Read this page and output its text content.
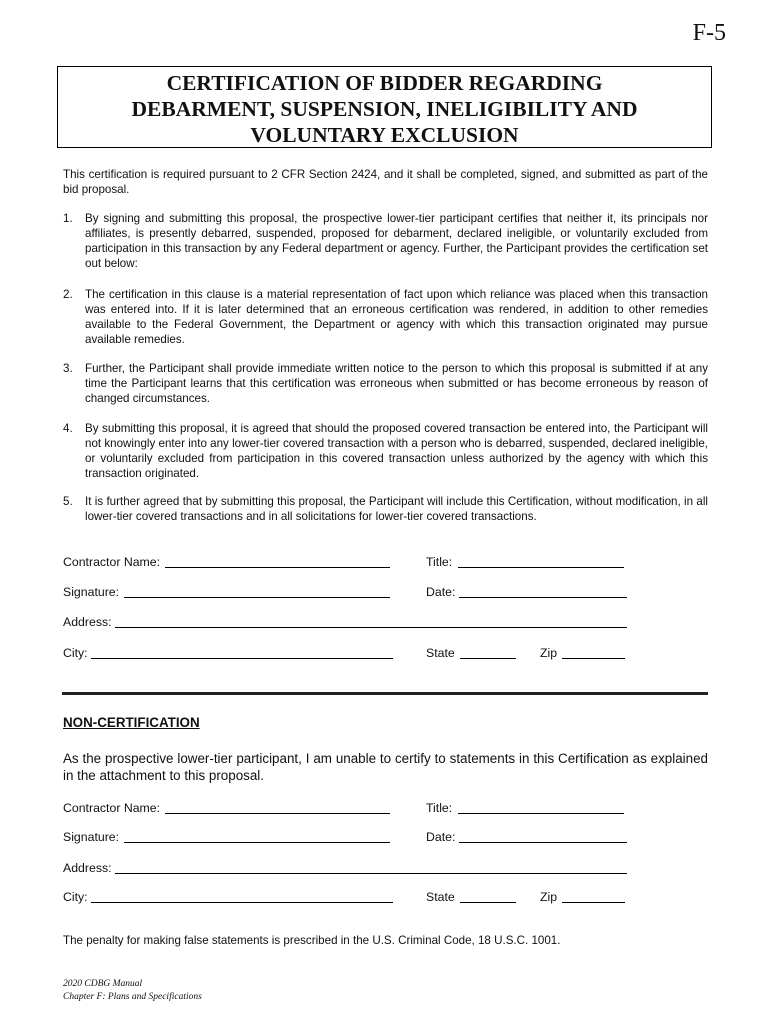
F-5
CERTIFICATION OF BIDDER REGARDING
DEBARMENT, SUSPENSION, INELIGIBILITY AND
VOLUNTARY EXCLUSION

This certification is required pursuant to 2 CFR Section 2424, and it shall be completed, signed, and submitted as part of the bid proposal.

1. By signing and submitting this proposal, the prospective lower-tier participant certifies that neither it, its principals nor affiliates, is presently debarred, suspended, proposed for debarment, declared ineligible, or voluntarily excluded from participation in this transaction by any Federal department or agency. Further, the Participant provides the certification set out below:
2. The certification in this clause is a material representation of fact upon which reliance was placed when this transaction was entered into. If it is later determined that an erroneous certification was rendered, in addition to other remedies available to the Federal Government, the Department or agency with which this transaction originated may pursue available remedies.
3. Further, the Participant shall provide immediate written notice to the person to which this proposal is submitted if at any time the Participant learns that this certification was erroneous when submitted or has become erroneous by reason of changed circumstances.
4. By submitting this proposal, it is agreed that should the proposed covered transaction be entered into, the Participant will not knowingly enter into any lower-tier covered transaction with a person who is debarred, suspended, declared ineligible, or voluntarily excluded from participation in this covered transaction unless authorized by the agency with which this transaction originated.
5. It is further agreed that by submitting this proposal, the Participant will include this Certification, without modification, in all lower-tier covered transactions and in all solicitations for lower-tier covered transactions.
Contractor Name:	Title:
Signature:	Date:
Address:
City:	State	Zip
NON-CERTIFICATION
As the prospective lower-tier participant, I am unable to certify to statements in this Certification as explained in the attachment to this proposal.
Contractor Name:	Title:
Signature:	Date:
Address:
City:	State	Zip
The penalty for making false statements is prescribed in the U.S. Criminal Code, 18 U.S.C. 1001.
2020 CDBG Manual
Chapter F: Plans and Specifications
